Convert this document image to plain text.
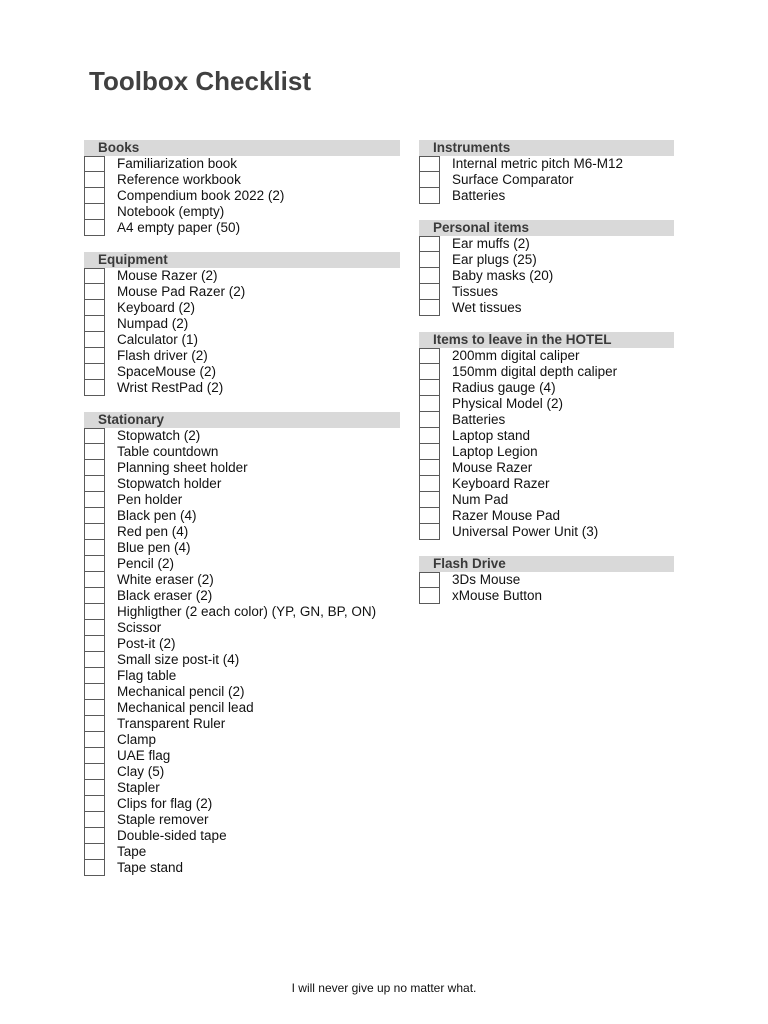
Toolbox Checklist
Books
Familiarization book
Reference workbook
Compendium book 2022 (2)
Notebook (empty)
A4 empty paper (50)
Equipment
Mouse Razer (2)
Mouse Pad Razer (2)
Keyboard (2)
Numpad (2)
Calculator (1)
Flash driver (2)
SpaceMouse (2)
Wrist RestPad (2)
Stationary
Stopwatch (2)
Table countdown
Planning sheet holder
Stopwatch holder
Pen holder
Black pen (4)
Red pen (4)
Blue pen (4)
Pencil (2)
White eraser (2)
Black eraser (2)
Highligther (2 each color) (YP, GN, BP, ON)
Scissor
Post-it (2)
Small size post-it (4)
Flag table
Mechanical pencil (2)
Mechanical pencil lead
Transparent Ruler
Clamp
UAE flag
Clay (5)
Stapler
Clips for flag (2)
Staple remover
Double-sided tape
Tape
Tape stand
Instruments
Internal metric pitch M6-M12
Surface Comparator
Batteries
Personal items
Ear muffs (2)
Ear plugs (25)
Baby masks (20)
Tissues
Wet tissues
Items to leave in the HOTEL
200mm digital caliper
150mm digital depth caliper
Radius gauge (4)
Physical Model (2)
Batteries
Laptop stand
Laptop Legion
Mouse Razer
Keyboard Razer
Num Pad
Razer Mouse Pad
Universal Power Unit (3)
Flash Drive
3Ds Mouse
xMouse Button

I will never give up no matter what.
